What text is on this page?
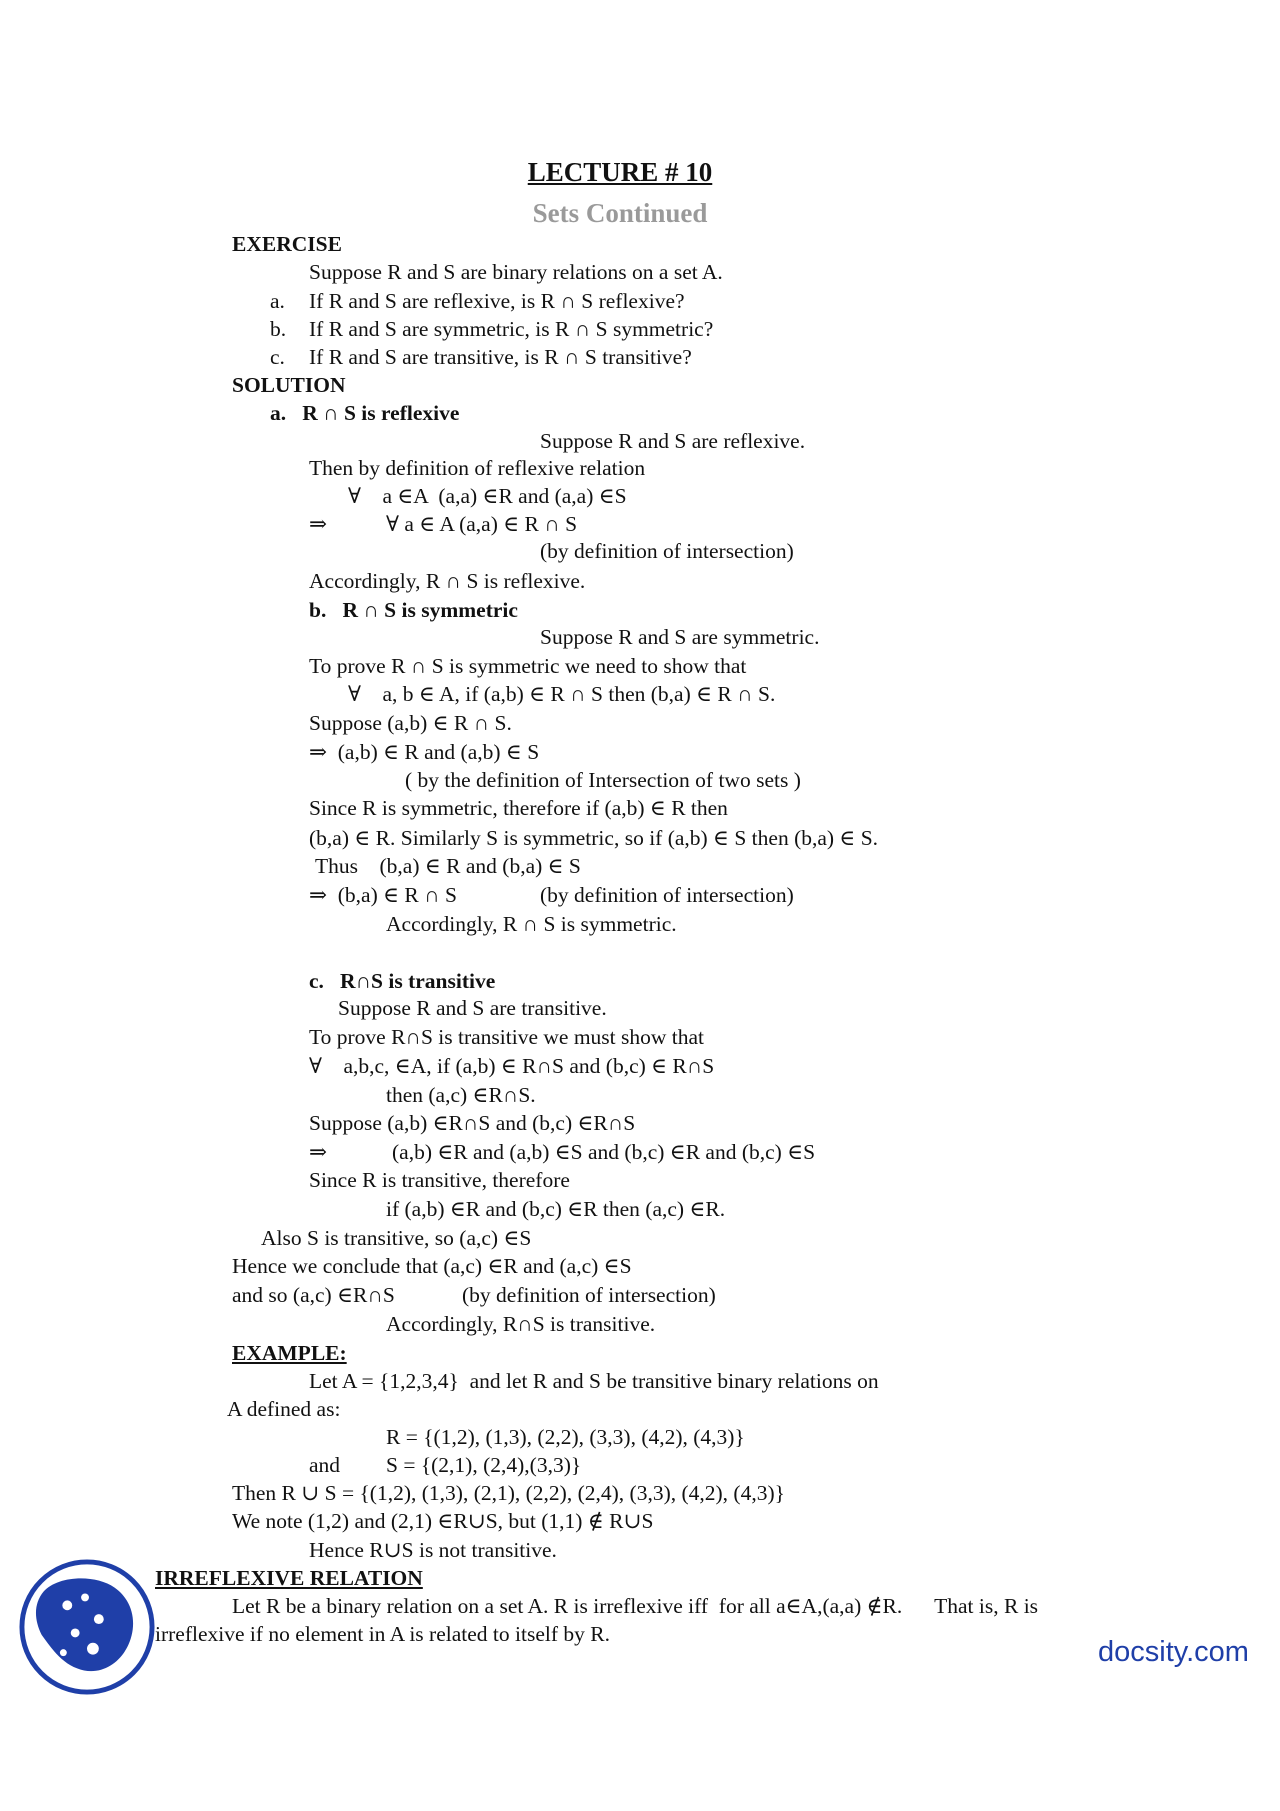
LECTURE # 10
Sets Continued
EXERCISE
Suppose R and S are binary relations on a set A.
a. If R and S are reflexive, is R ∩ S reflexive?
b. If R and S are symmetric, is R ∩ S symmetric?
c. If R and S are transitive, is R ∩ S transitive?
SOLUTION
a.   R ∩ S is reflexive
Suppose R and S are reflexive.
Then by definition of reflexive relation
∀    a ∈A  (a,a) ∈R and (a,a) ∈S
⇒	∀ a ∈ A (a,a) ∈ R ∩ S
(by definition of intersection)
Accordingly, R ∩ S is reflexive.
b.   R ∩ S is symmetric
Suppose R and S are symmetric.
To prove R ∩ S is symmetric we need to show that
∀    a, b ∈ A, if (a,b) ∈ R ∩ S then (b,a) ∈ R ∩ S.
Suppose (a,b) ∈ R ∩ S.
⇒  (a,b) ∈ R and (a,b) ∈ S
( by the definition of Intersection of two sets )
Since R is symmetric, therefore if (a,b) ∈ R then
(b,a) ∈ R. Similarly S is symmetric, so if (a,b) ∈ S then (b,a) ∈ S.
Thus    (b,a) ∈ R and (b,a) ∈ S
⇒  (b,a) ∈ R ∩ S	(by definition of intersection)
Accordingly, R ∩ S is symmetric.
c.   R∩S is transitive
Suppose R and S are transitive.
To prove R∩S is transitive we must show that
∀    a,b,c, ∈A, if (a,b) ∈ R∩S and (b,c) ∈ R∩S
then (a,c) ∈R∩S.
Suppose (a,b) ∈R∩S and (b,c) ∈R∩S
⇒	(a,b) ∈R and (a,b) ∈S and (b,c) ∈R and (b,c) ∈S
Since R is transitive, therefore
if (a,b) ∈R and (b,c) ∈R then (a,c) ∈R.
Also S is transitive, so (a,c) ∈S
Hence we conclude that (a,c) ∈R and (a,c) ∈S
and so (a,c) ∈R∩S	(by definition of intersection)
Accordingly, R∩S is transitive.
EXAMPLE:
Let A = {1,2,3,4}  and let R and S be transitive binary relations on
A defined as:
R = {(1,2), (1,3), (2,2), (3,3), (4,2), (4,3)}
and S = {(2,1), (2,4),(3,3)}
Then R ∪ S = {(1,2), (1,3), (2,1), (2,2), (2,4), (3,3), (4,2), (4,3)}
We note (1,2) and (2,1) ∈R∪S, but (1,1) ∉ R∪S
Hence R∪S is not transitive.
IRREFLEXIVE RELATION
Let R be a binary relation on a set A. R is irreflexive iff  for all a∈A,(a,a) ∉R.      That is, R is
irreflexive if no element in A is related to itself by R.
docsity.com
